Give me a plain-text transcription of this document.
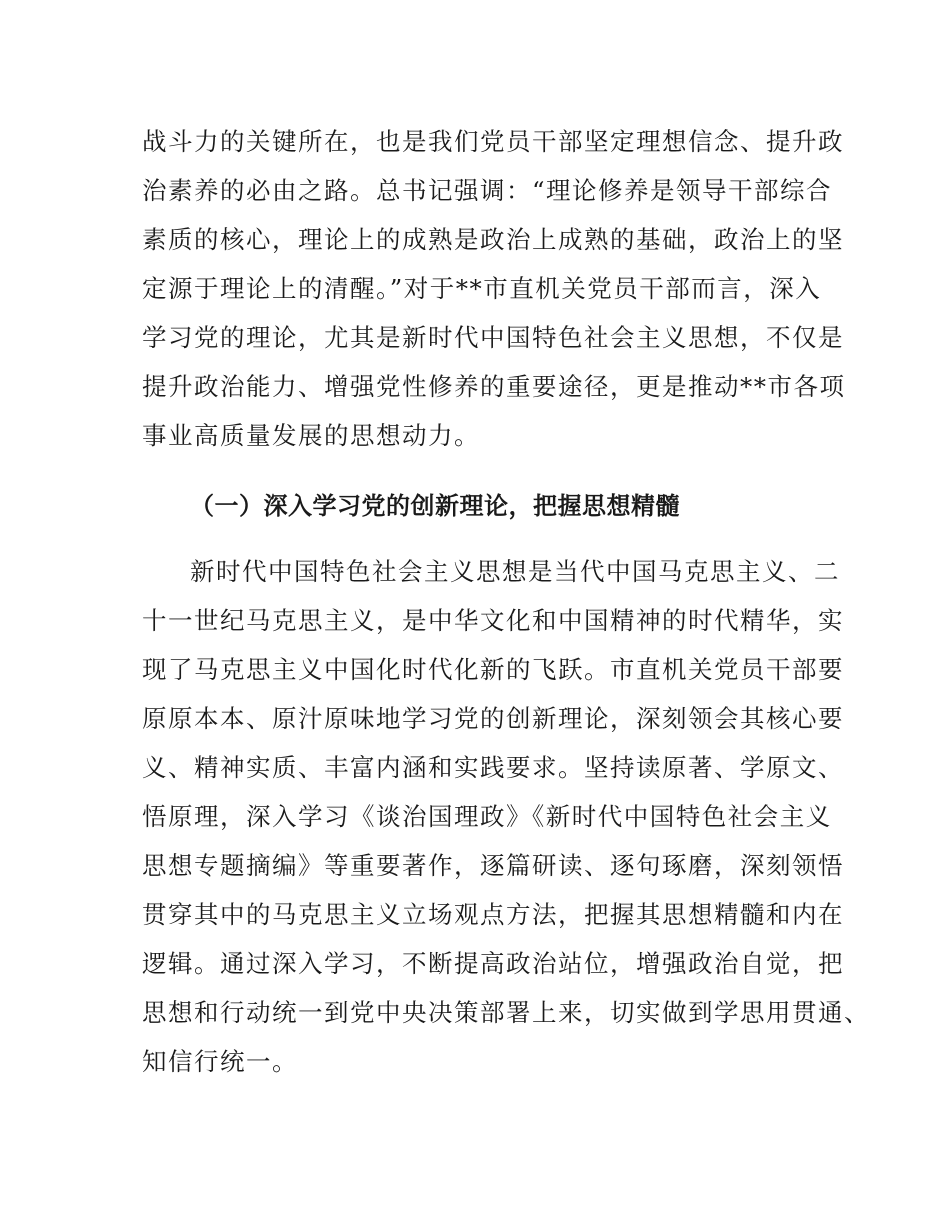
战斗力的关键所在，也是我们党员干部坚定理想信念、提升政
治素养的必由之路。总书记强调：“理论修养是领导干部综合
素质的核心，理论上的成熟是政治上成熟的基础，政治上的坚
定源于理论上的清醒。”对于**市直机关党员干部而言，深入
学习党的理论，尤其是新时代中国特色社会主义思想，不仅是
提升政治能力、增强党性修养的重要途径，更是推动**市各项
事业高质量发展的思想动力。
（一）深入学习党的创新理论，把握思想精髓
新时代中国特色社会主义思想是当代中国马克思主义、二
十一世纪马克思主义，是中华文化和中国精神的时代精华，实
现了马克思主义中国化时代化新的飞跃。市直机关党员干部要
原原本本、原汁原味地学习党的创新理论，深刻领会其核心要
义、精神实质、丰富内涵和实践要求。坚持读原著、学原文、
悟原理，深入学习《谈治国理政》《新时代中国特色社会主义
思想专题摘编》等重要著作，逐篇研读、逐句琢磨，深刻领悟
贯穿其中的马克思主义立场观点方法，把握其思想精髓和内在
逻辑。通过深入学习，不断提高政治站位，增强政治自觉，把
思想和行动统一到党中央决策部署上来，切实做到学思用贯通、
知信行统一。
